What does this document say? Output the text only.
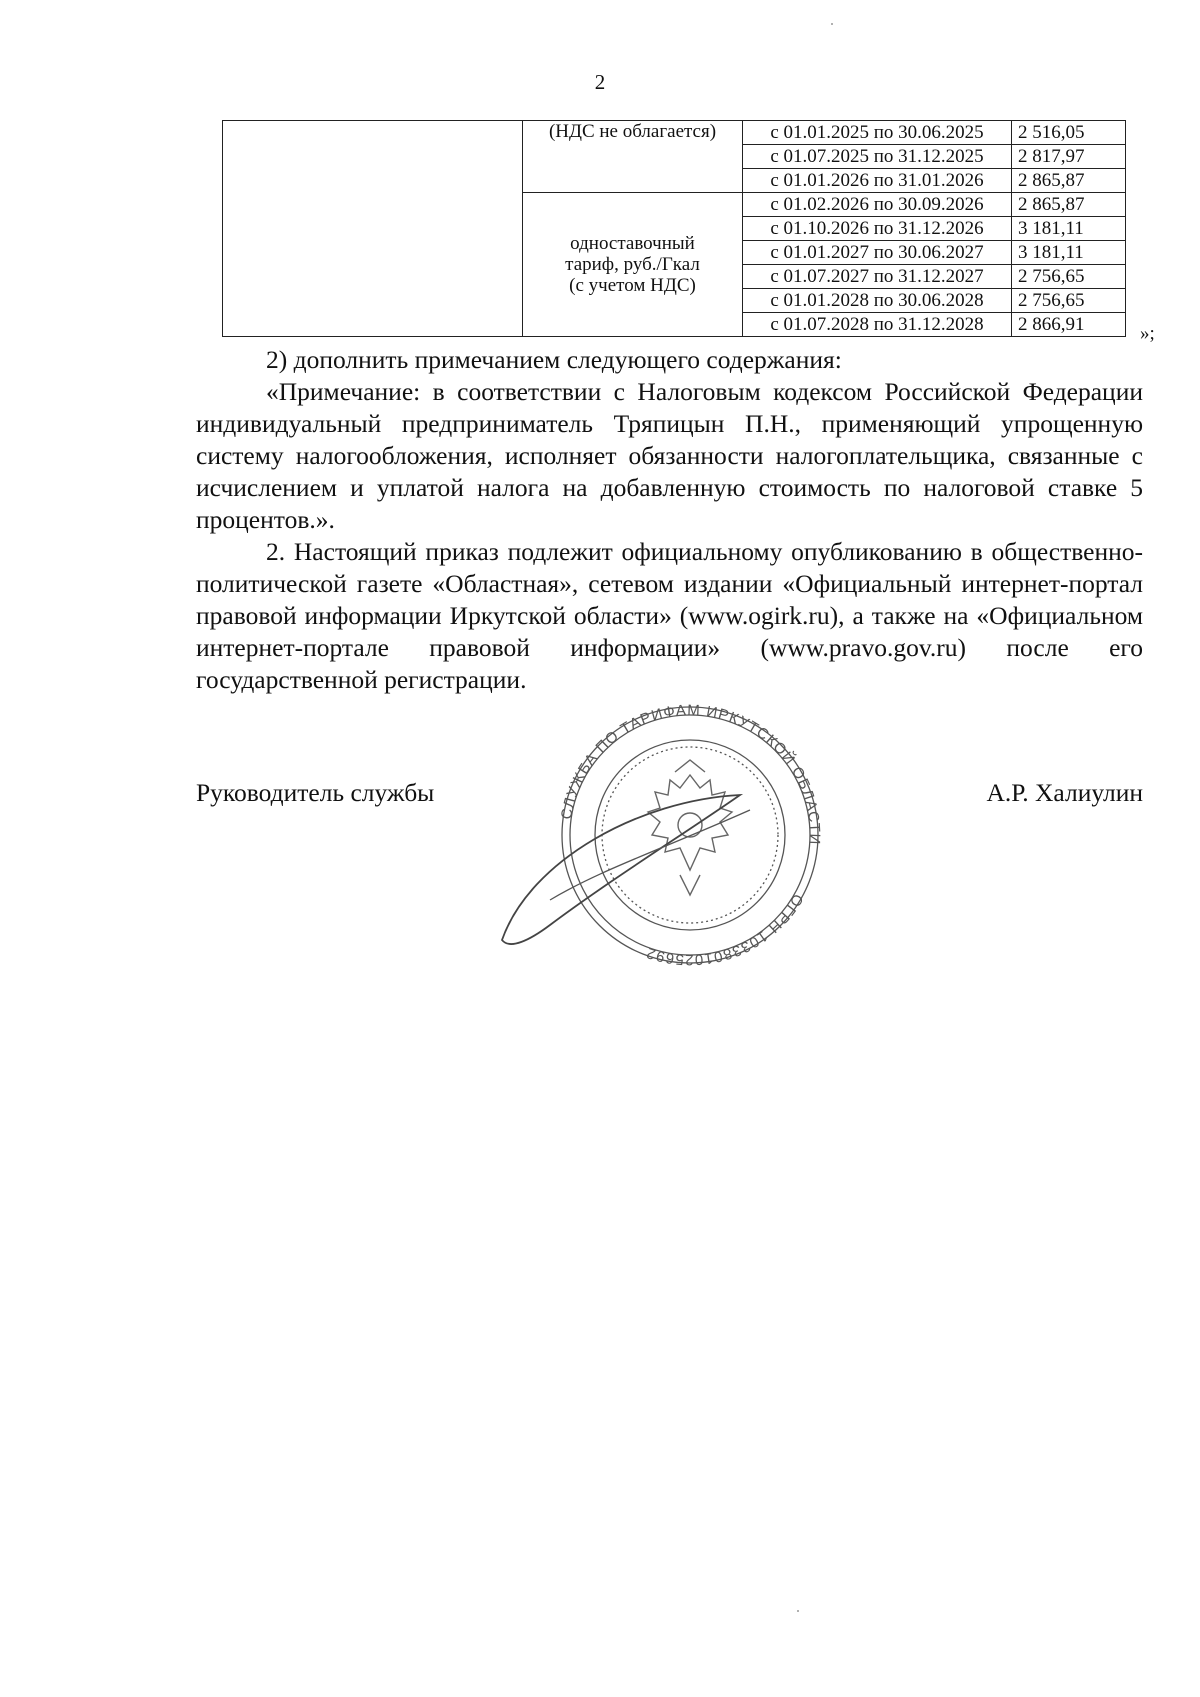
2
	(НДС не облагается)	с 01.01.2025 по 30.06.2025	2 516,05
		с 01.07.2025 по 31.12.2025	2 817,97
		с 01.01.2026 по 31.01.2026	2 865,87

	одноставочный
тариф, руб./Гкал
(с учетом НДС)	с 01.02.2026 по 30.09.2026	2 865,87
		с 01.10.2026 по 31.12.2026	3 181,11
		с 01.01.2027 по 30.06.2027	3 181,11
		с 01.07.2027 по 31.12.2027	2 756,65
		с 01.01.2028 по 30.06.2028	2 756,65
		с 01.07.2028 по 31.12.2028	2 866,91	»;

2) дополнить примечанием следующего содержания:

«Примечание: в соответствии с Налоговым кодексом Российской Федерации индивидуальный предприниматель Тряпицын П.Н., применяющий упрощенную систему налогообложения, исполняет обязанности налогоплательщика, связанные с исчислением и уплатой налога на добавленную стоимость по налоговой ставке 5 процентов.».

2. Настоящий приказ подлежит официальному опубликованию в общественно-политической газете «Областная», сетевом издании «Официальный интернет-портал правовой информации Иркутской области» (www.ogirk.ru), а также на «Официальном интернет-портале правовой информации» (www.pravo.gov.ru) после его государственной регистрации.

СЛУЖБА ПО ТАРИФАМ ИРКУТСКОЙ ОБЛАСТИ
ОГРН 1033801025692
Руководитель службы	А.Р. Халиулин
